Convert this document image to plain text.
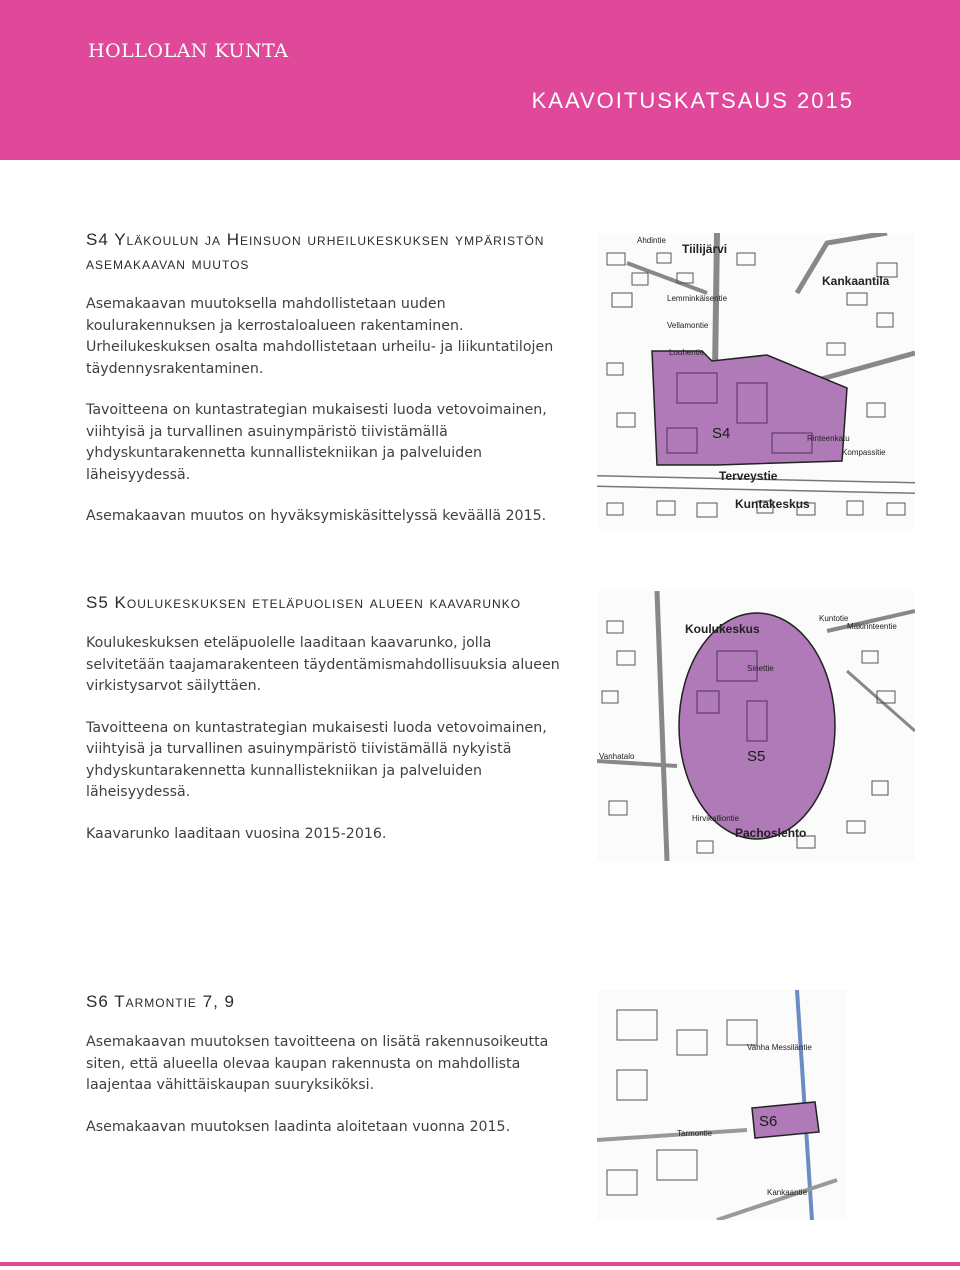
HOLLOLAN KUNTA
KAAVOITUSKATSAUS 2015
S4 Yläkoulun ja Heinsuon urheilukeskuksen ympäristön asemakaavan muutos

Asemakaavan muutoksella mahdollistetaan uuden koulurakennuksen ja kerrostaloalueen rakentaminen. Urheilukeskuksen osalta mahdollistetaan urheilu- ja liikuntatilojen täydennysrakentaminen.

Tavoitteena on kuntastrategian mukaisesti luoda vetovoimainen, viihtyisä ja turvallinen asuinympäristö tiivistämällä yhdyskuntarakennetta kunnallistekniikan ja palveluiden läheisyydessä.

Asemakaavan muutos on hyväksymiskäsittelyssä keväällä 2015.

S4
Tiilijärvi
Kankaantila
Terveystie
Kuntakeskus
Rinteenkatu
Kompassitie
Lemminkäisentie
Vellamontie
Louhentie
Ahdintie
S5 Koulukeskuksen eteläpuolisen alueen kaavarunko

Koulukeskuksen eteläpuolelle laaditaan kaavarunko, jolla selvitetään taajamarakenteen täydentämismahdollisuuksia alueen virkistysarvot säilyttäen.

Tavoitteena on kuntastrategian mukaisesti luoda vetovoimainen, viihtyisä ja turvallinen asuinympäristö tiivistämällä nykyistä yhdyskuntarakennetta kunnallistekniikan ja palveluiden läheisyydessä.

Kaavarunko laaditaan vuosina 2015-2016.

S5
Koulukeskus
Kuntotie
Mäkirinteentie
Hirvikalliontie
Pachoslehto
Vanhatalo
Sinettie
S6 Tarmontie 7, 9

Asemakaavan muutoksen tavoitteena on lisätä rakennusoikeutta siten, että alueella olevaa kaupan rakennusta on mahdollista laajentaa vähittäiskaupan suuryksiköksi.

Asemakaavan muutoksen laadinta aloitetaan vuonna 2015.	S6
Vanha Messiläntie
Tarmontie
Kankaantie
